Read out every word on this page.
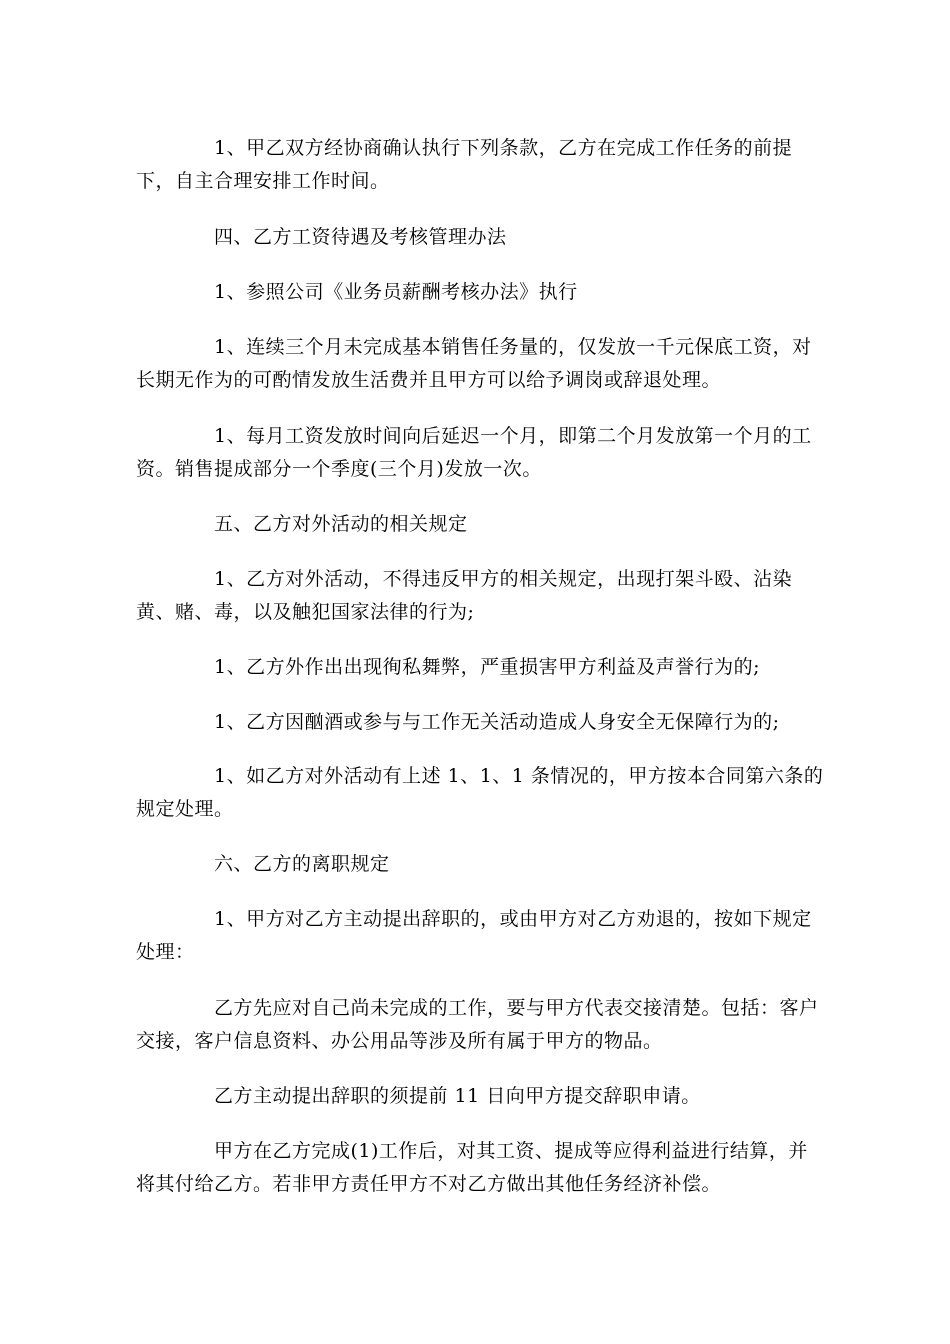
1、甲乙双方经协商确认执行下列条款，乙方在完成工作任务的前提下，自主合理安排工作时间。

四、乙方工资待遇及考核管理办法

1、参照公司《业务员薪酬考核办法》执行

1、连续三个月未完成基本销售任务量的，仅发放一千元保底工资，对长期无作为的可酌情发放生活费并且甲方可以给予调岗或辞退处理。

1、每月工资发放时间向后延迟一个月，即第二个月发放第一个月的工资。销售提成部分一个季度(三个月)发放一次。

五、乙方对外活动的相关规定

1、乙方对外活动，不得违反甲方的相关规定，出现打架斗殴、沾染黄、赌、毒，以及触犯国家法律的行为;

1、乙方外作出出现徇私舞弊，严重损害甲方利益及声誉行为的;

1、乙方因酗酒或参与与工作无关活动造成人身安全无保障行为的;

1、如乙方对外活动有上述 1、1、1 条情况的，甲方按本合同第六条的规定处理。

六、乙方的离职规定

1、甲方对乙方主动提出辞职的，或由甲方对乙方劝退的，按如下规定处理：

乙方先应对自己尚未完成的工作，要与甲方代表交接清楚。包括：客户交接，客户信息资料、办公用品等涉及所有属于甲方的物品。

乙方主动提出辞职的须提前 11 日向甲方提交辞职申请。

甲方在乙方完成(1)工作后，对其工资、提成等应得利益进行结算，并将其付给乙方。若非甲方责任甲方不对乙方做出其他任务经济补偿。
